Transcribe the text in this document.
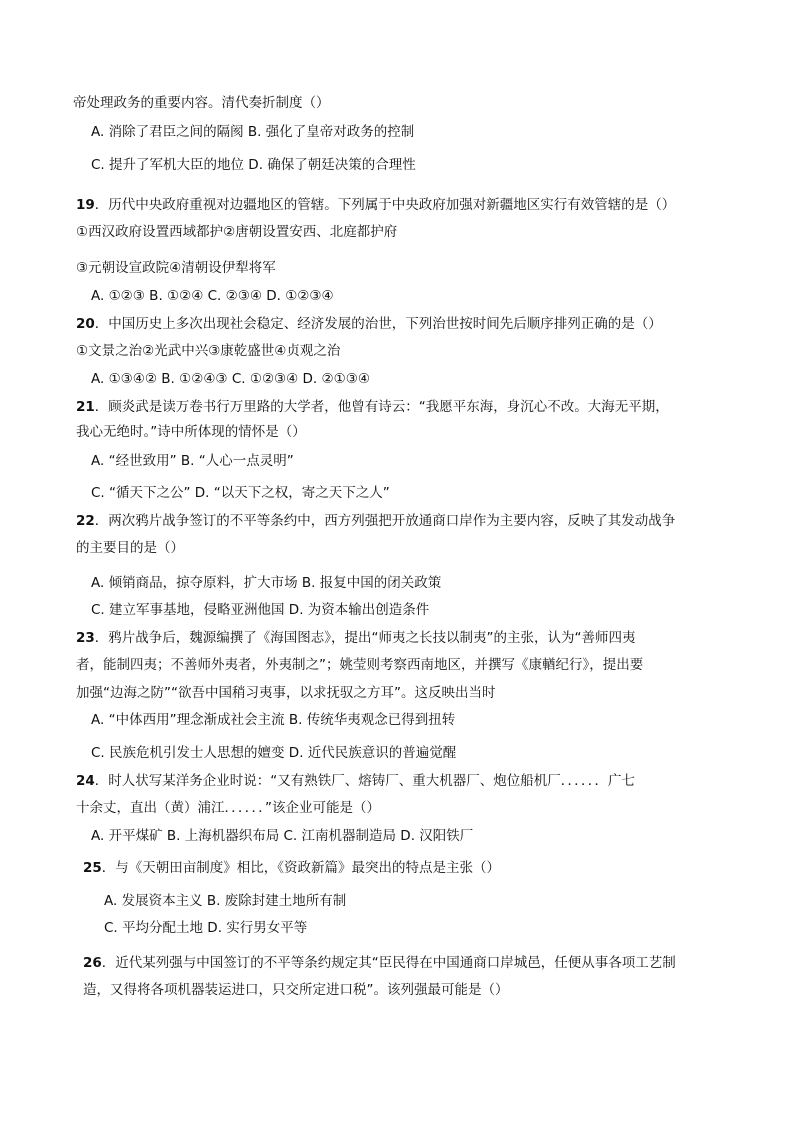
帝处理政务的重要内容。清代奏折制度（）
A. 消除了君臣之间的隔阂 B. 强化了皇帝对政务的控制
C. 提升了军机大臣的地位 D. 确保了朝廷决策的合理性
19．历代中央政府重视对边疆地区的管辖。下列属于中央政府加强对新疆地区实行有效管辖的是（）
①西汉政府设置西域都护②唐朝设置安西、北庭都护府
③元朝设宣政院④清朝设伊犁将军
A. ①②③ B. ①②④ C. ②③④ D. ①②③④
20．中国历史上多次出现社会稳定、经济发展的治世，下列治世按时间先后顺序排列正确的是（）
①文景之治②光武中兴③康乾盛世④贞观之治
A. ①③④② B. ①②④③ C. ①②③④ D. ②①③④
21．顾炎武是读万卷书行万里路的大学者，他曾有诗云：“我愿平东海，身沉心不改。大海无平期，
我心无绝时。”诗中所体现的情怀是（）
A. “经世致用” B. “人心一点灵明”
C. “循天下之公” D. “以天下之权，寄之天下之人”
22．两次鸦片战争签订的不平等条约中，西方列强把开放通商口岸作为主要内容，反映了其发动战争
的主要目的是（）
A. 倾销商品，掠夺原料，扩大市场 B. 报复中国的闭关政策
C. 建立军事基地，侵略亚洲他国 D. 为资本输出创造条件
23．鸦片战争后，魏源编撰了《海国图志》，提出“师夷之长技以制夷”的主张，认为“善师四夷
者，能制四夷；不善师外夷者，外夷制之”；姚莹则考察西南地区，并撰写《康輶纪行》，提出要
加强“边海之防”“欲吾中国稍习夷事，以求抚驭之方耳”。这反映出当时
A. “中体西用”理念渐成社会主流 B. 传统华夷观念已得到扭转
C. 民族危机引发士人思想的嬗变 D. 近代民族意识的普遍觉醒
24．时人状写某洋务企业时说：“又有熟铁厂、熔铸厂、重大机器厂、炮位船机厂．．．．．．广七
十余丈，直出（黄）浦江．．．．．．”该企业可能是（）
A. 开平煤矿 B. 上海机器织布局 C. 江南机器制造局 D. 汉阳铁厂
25．与《天朝田亩制度》相比，《资政新篇》最突出的特点是主张（）
A. 发展资本主义 B. 废除封建土地所有制
C. 平均分配土地 D. 实行男女平等
26．近代某列强与中国签订的不平等条约规定其“臣民得在中国通商口岸城邑，任便从事各项工艺制
造，又得将各项机器装运进口，只交所定进口税”。该列强最可能是（）
